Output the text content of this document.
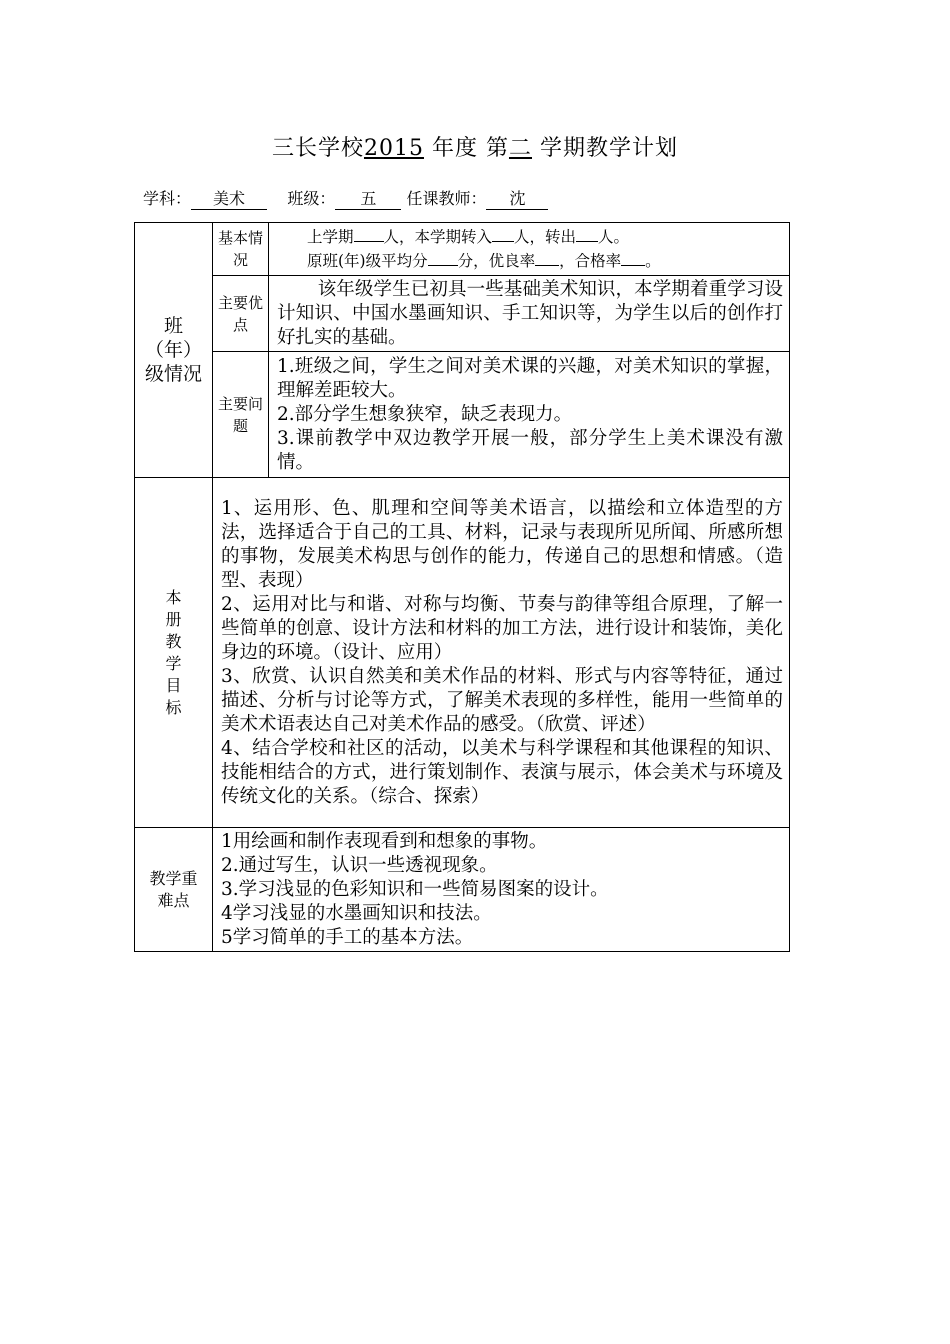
三长学校2015 年度 第二 学期教学计划
学科： 美术	班级： 五 任课教师： 沈
班（年）级情况	基本情况	上学期 人，本学期转入 人，转出 人。

原班(年)级平均分 分，优良率 ，合格率 。

	主要优点	该年级学生已初具一些基础美术知识，本学期着重学习设计知识、中国水墨画知识、手工知识等，为学生以后的创作打好扎实的基础。

	主要问题	1.班级之间，学生之间对美术课的兴趣，对美术知识的掌握，理解差距较大。

2.部分学生想象狭窄，缺乏表现力。

3.课前教学中双边教学开展一般，部分学生上美术课没有激情。

本册教学目标	1、运用形、色、肌理和空间等美术语言，以描绘和立体造型的方法，选择适合于自己的工具、材料，记录与表现所见所闻、所感所想的事物，发展美术构思与创作的能力，传递自己的思想和情感。（造型、表现）

2、运用对比与和谐、对称与均衡、节奏与韵律等组合原理，了解一些简单的创意、设计方法和材料的加工方法，进行设计和装饰，美化身边的环境。（设计、应用）

3、欣赏、认识自然美和美术作品的材料、形式与内容等特征，通过描述、分析与讨论等方式，了解美术表现的多样性，能用一些简单的美术术语表达自己对美术作品的感受。（欣赏、评述）

4、结合学校和社区的活动，以美术与科学课程和其他课程的知识、技能相结合的方式，进行策划制作、表演与展示，体会美术与环境及传统文化的关系。（综合、探索）	

教学重难点	1用绘画和制作表现看到和想象的事物。

2.通过写生，认识一些透视现象。

3.学习浅显的色彩知识和一些简易图案的设计。

4学习浅显的水墨画知识和技法。

5学习简单的手工的基本方法。	
